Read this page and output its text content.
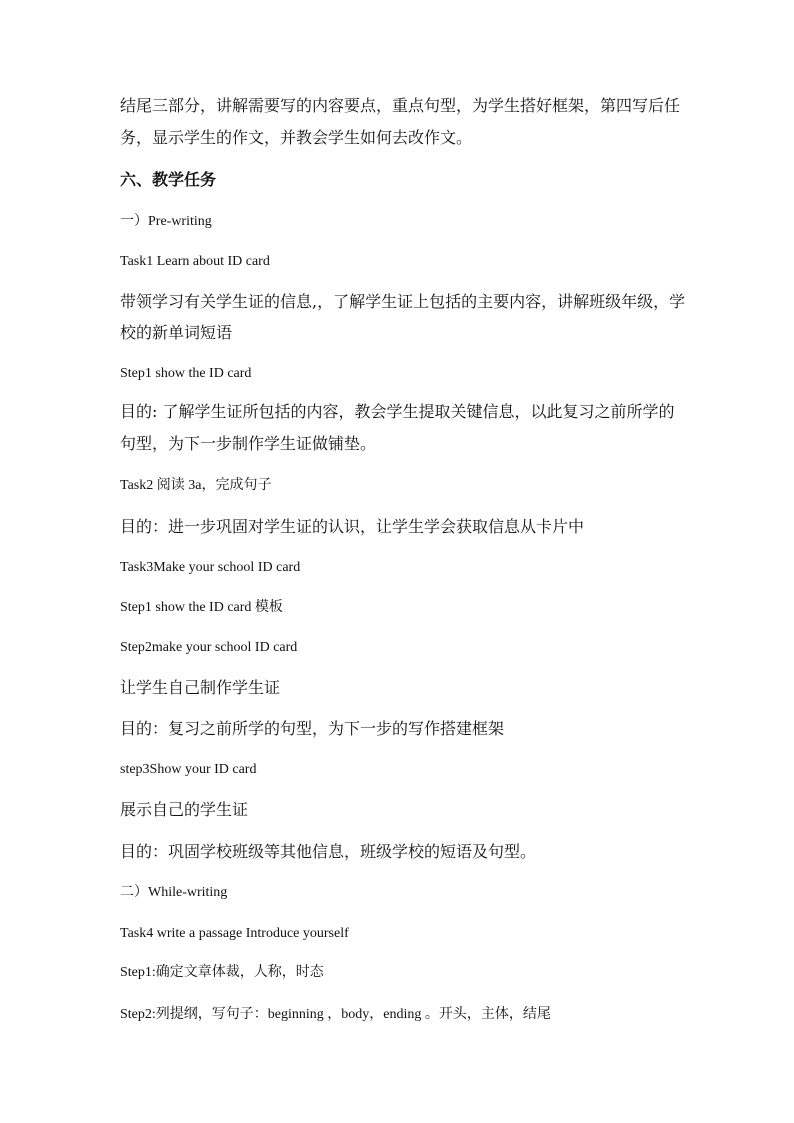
结尾三部分，讲解需要写的内容要点，重点句型，为学生搭好框架，第四写后任
务，显示学生的作文，并教会学生如何去改作文。
六、教学任务
一）Pre-writing
Task1 Learn about ID card
带领学习有关学生证的信息,，了解学生证上包括的主要内容，讲解班级年级，学
校的新单词短语
Step1 show the ID card
目的: 了解学生证所包括的内容，教会学生提取关键信息，以此复习之前所学的
句型，为下一步制作学生证做铺垫。
Task2 阅读 3a，完成句子
目的：进一步巩固对学生证的认识，让学生学会获取信息从卡片中
Task3Make your school ID card
Step1 show the ID card 模板
Step2make your school ID card
让学生自己制作学生证
目的：复习之前所学的句型，为下一步的写作搭建框架
step3Show your ID card
展示自己的学生证
目的：巩固学校班级等其他信息，班级学校的短语及句型。
二）While-writing
Task4 write a passage Introduce yourself
Step1:确定文章体裁，人称，时态
Step2:列提纲，写句子：beginning ，body，ending 。开头，主体，结尾
